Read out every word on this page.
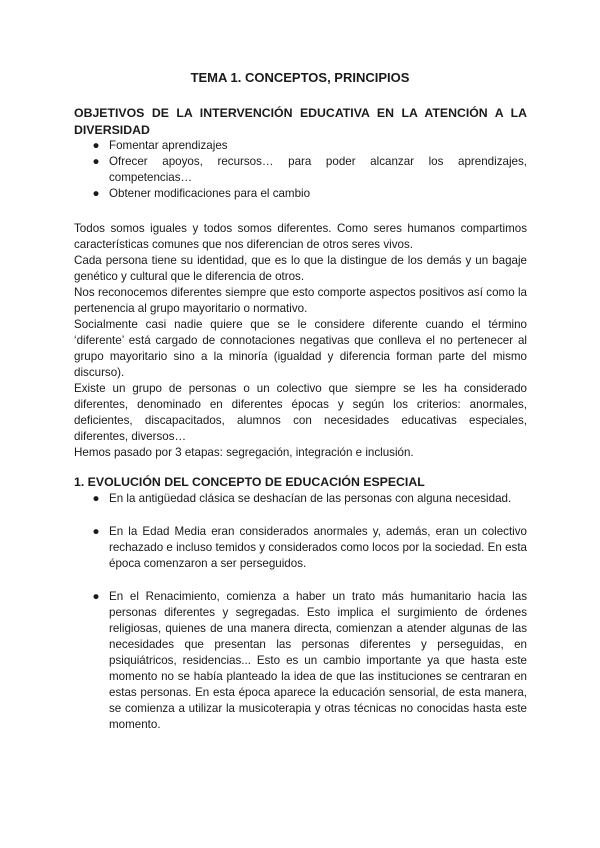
TEMA 1. CONCEPTOS, PRINCIPIOS
OBJETIVOS DE LA INTERVENCIÓN EDUCATIVA EN LA ATENCIÓN A LA
DIVERSIDAD
● Fomentar aprendizajes
● Ofrecer apoyos, recursos… para poder alcanzar los aprendizajes, competencias…
● Obtener modificaciones para el cambio

Todos somos iguales y todos somos diferentes. Como seres humanos compartimos características comunes que nos diferencian de otros seres vivos.

Cada persona tiene su identidad, que es lo que la distingue de los demás y un bagaje genético y cultural que le diferencia de otros.

Nos reconocemos diferentes siempre que esto comporte aspectos positivos así como la pertenencia al grupo mayoritario o normativo.

Socialmente casi nadie quiere que se le considere diferente cuando el término ‘diferente’ está cargado de connotaciones negativas que conlleva el no pertenecer al grupo mayoritario sino a la minoría (igualdad y diferencia forman parte del mismo discurso).

Existe un grupo de personas o un colectivo que siempre se les ha considerado diferentes, denominado en diferentes épocas y según los criterios: anormales, deficientes, discapacitados, alumnos con necesidades educativas especiales, diferentes, diversos…

Hemos pasado por 3 etapas: segregación, integración e inclusión.

1. EVOLUCIÓN DEL CONCEPTO DE EDUCACIÓN ESPECIAL
● En la antigüedad clásica se deshacían de las personas con alguna necesidad.
● En la Edad Media eran considerados anormales y, además, eran un colectivo rechazado e incluso temidos y considerados como locos por la sociedad. En esta época comenzaron a ser perseguidos.
● En el Renacimiento, comienza a haber un trato más humanitario hacia las personas diferentes y segregadas. Esto implica el surgimiento de órdenes religiosas, quienes de una manera directa, comienzan a atender algunas de las necesidades que presentan las personas diferentes y perseguidas, en psiquiátricos, residencias... Esto es un cambio importante ya que hasta este momento no se había planteado la idea de que las instituciones se centraran en estas personas. En esta época aparece la educación sensorial, de esta manera, se comienza a utilizar la musicoterapia y otras técnicas no conocidas hasta este momento.
